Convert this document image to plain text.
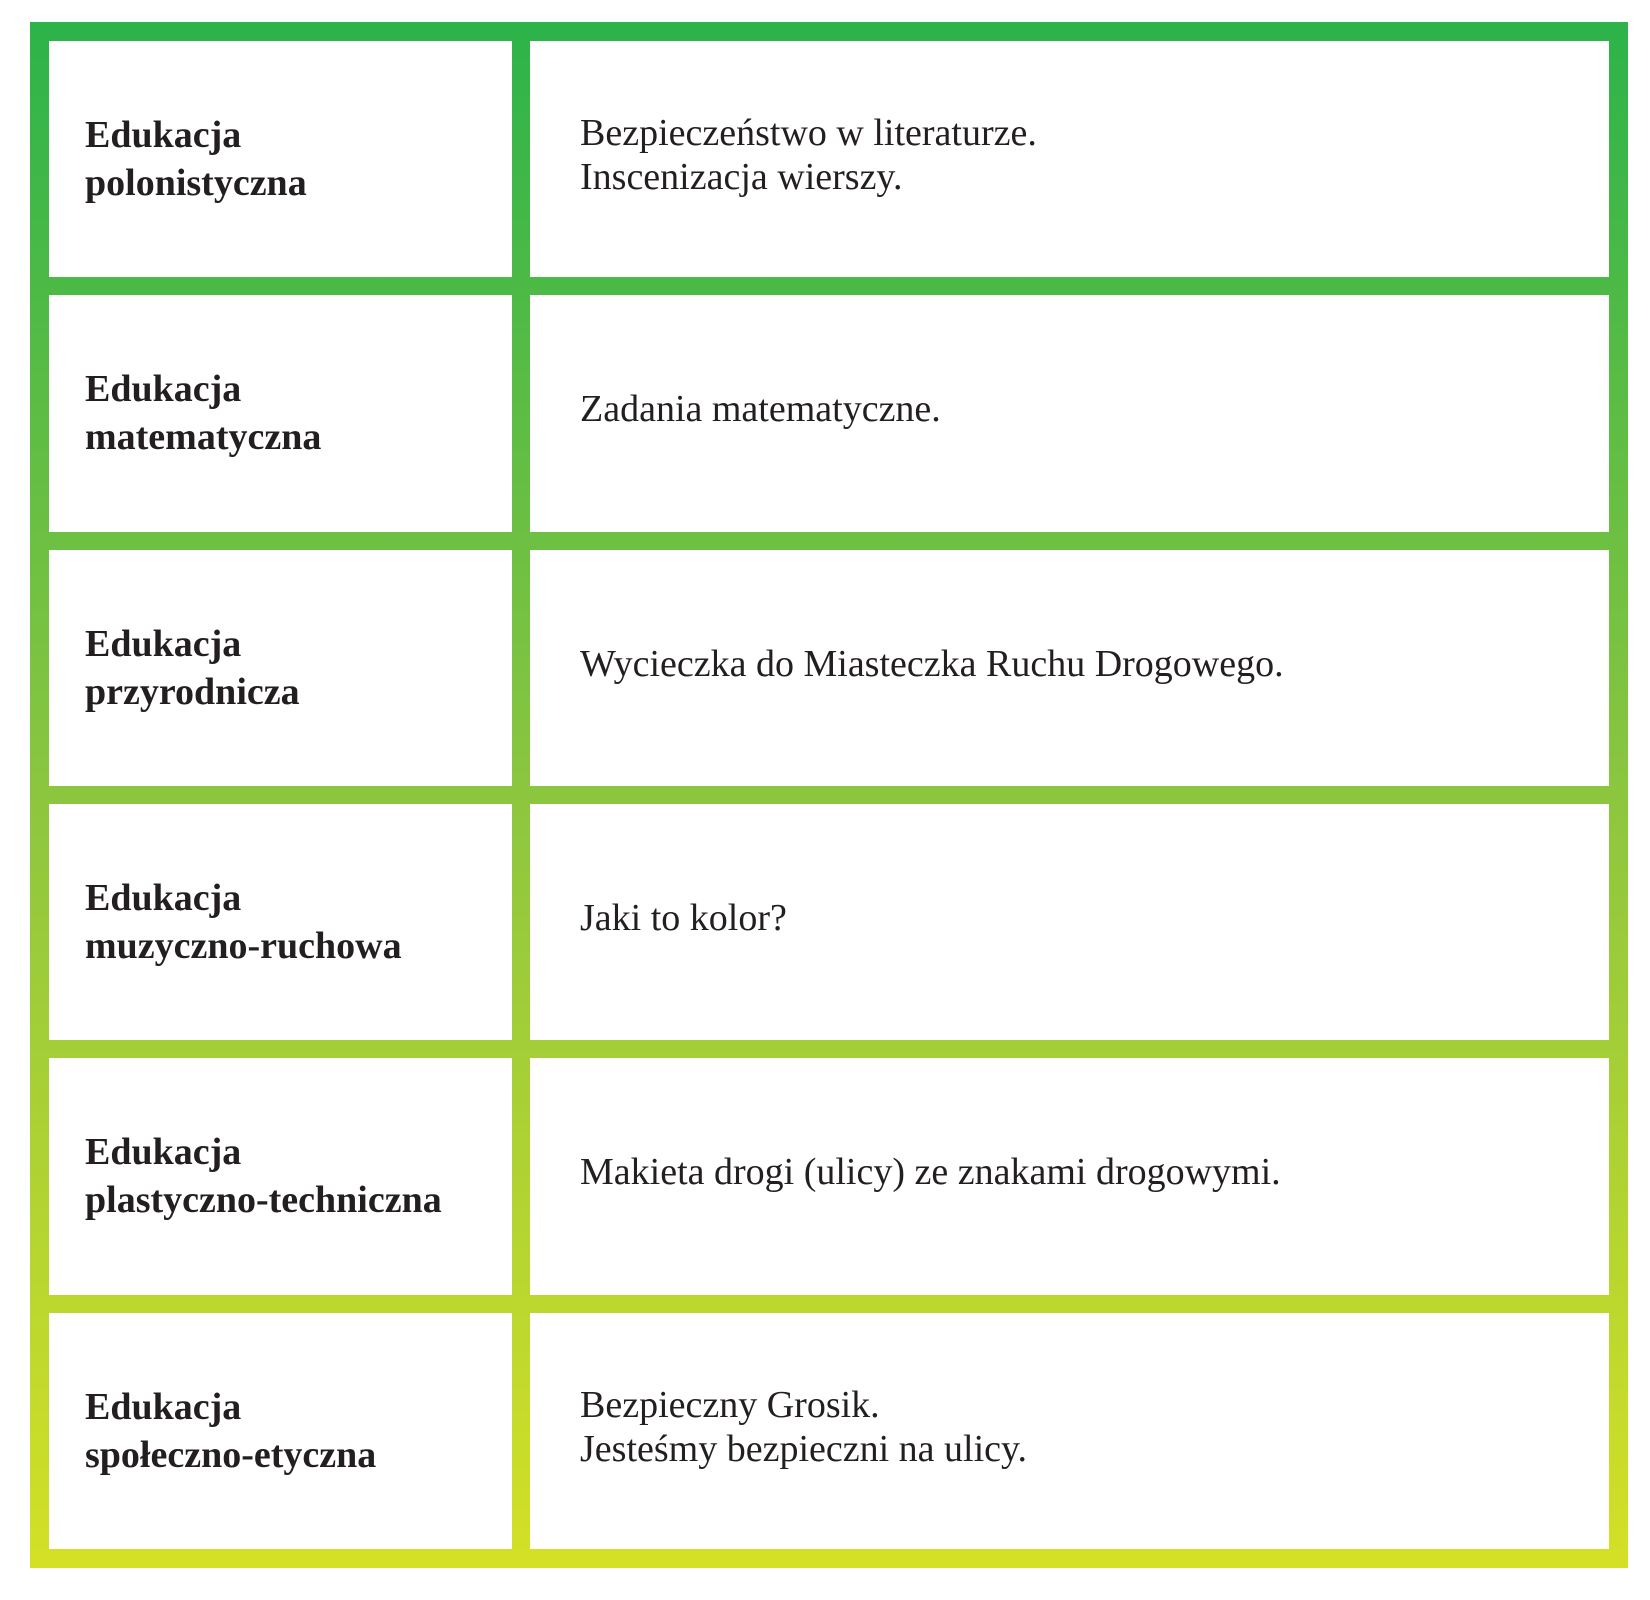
Edukacja
polonistyczna
Bezpieczeństwo w literaturze.
Inscenizacja wierszy.
Edukacja
matematyczna
Zadania matematyczne.
Edukacja
przyrodnicza
Wycieczka do Miasteczka Ruchu Drogowego.
Edukacja
muzyczno-ruchowa
Jaki to kolor?
Edukacja
plastyczno-techniczna
Makieta drogi (ulicy) ze znakami drogowymi.
Edukacja
społeczno-etyczna
Bezpieczny Grosik.
Jesteśmy bezpieczni na ulicy.
